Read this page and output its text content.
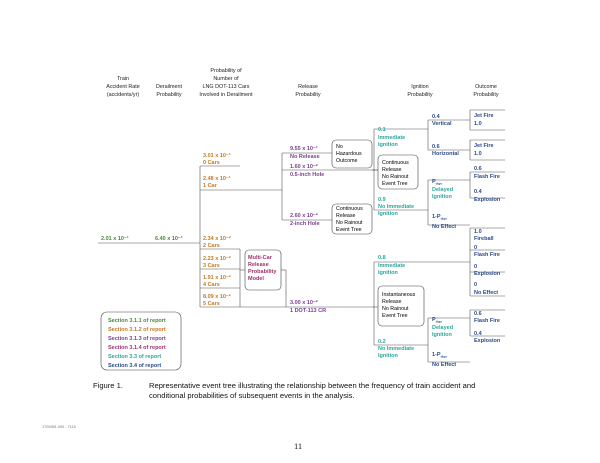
Train
Accident Rate
(accidents/yr)
Derailment
Probability
Probability of
Number of
LNG DOT-113 Cars
Involved in Derailment
Release
Probability
Ignition
Probability
Outcome
Probability
2.01 x 10⁻¹	6.40 x 10⁻¹
3.01 x 10⁻¹
0 Cars
2.48 x 10⁻¹
1 Car
2.34 x 10⁻²
2 Cars
2.23 x 10⁻²
3 Cars
1.91 x 10⁻²
4 Cars
8.09 x 10⁻²
5 Cars
Multi-Car
Release
Probability
Model
9.55 x 10⁻¹
No Release
1.60 x 10⁻²
0.5-inch Hole
2.60 x 10⁻²
2-inch Hole
3.00 x 10⁻²
1 DOT-113 CR
No
Hazardous
Outcome	Continuous
Release
No Rainout
Event Tree
0.1
Immediate
Ignition
0.9
No Immediate
Ignition
0.4
Vertical
0.6
Horizontal
Jet Fire
1.0
Jet Fire
1.0
$P_{dign}$
Delayed
Ignition
$1-P_{dign}$
No Effect
0.6
Flash Fire
0.4
Explosion
Continuous
Release
No Rainout
Event Tree
Instantaneous
Release
No Rainout
Event Tree
0.8
Immediate
Ignition
0.2
No Immediate
Ignition
1.0
Fireball
0
Flash Fire
0
Explosion
0
No Effect
$P_{dign}$
Delayed
Ignition
$1-P_{dign}$
No Effect
0.6
Flash Fire
0.4
Explosion
Section 3.1.1 of report
Section 3.1.2 of report
Section 3.1.3 of report
Section 3.1.4 of report
Section 3.3 of report
Section 3.4 of report
Figure 1.	Representative event tree illustrating the relationship between the frequency of train accident and conditional probabilities of subsequent events in the analysis.
1705981.000 - 7115
11
